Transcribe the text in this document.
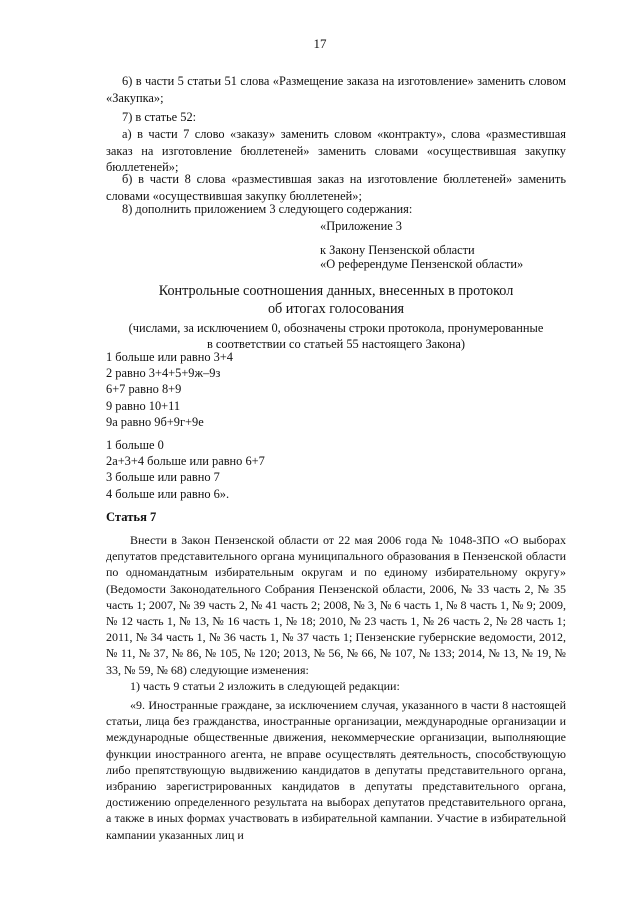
17
6) в части 5 статьи 51 слова «Размещение заказа на изготовление» заменить словом «Закупка»;
7) в статье 52:
а) в части 7 слово «заказу» заменить словом «контракту», слова «разместившая заказ на изготовление бюллетеней» заменить словами «осуществившая закупку бюллетеней»;
б) в части 8 слова «разместившая заказ на изготовление бюллетеней» заменить словами «осуществившая закупку бюллетеней»;
8) дополнить приложением 3 следующего содержания:
«Приложение 3
к Закону Пензенской области
«О референдуме Пензенской области»
Контрольные соотношения данных, внесенных в протокол
об итогах голосования
(числами, за исключением 0, обозначены строки протокола, пронумерованные
в соответствии со статьей 55 настоящего Закона)
1 больше или равно 3+4
2 равно 3+4+5+9ж–9з
6+7 равно 8+9
9 равно 10+11
9а равно 9б+9г+9е
1 больше 0
2а+3+4 больше или равно 6+7
3 больше или равно 7
4 больше или равно 6».
Статья 7
Внести в Закон Пензенской области от 22 мая 2006 года № 1048-ЗПО «О выборах депутатов представительного органа муниципального образования в Пензенской области по одномандатным избирательным округам и по единому избирательному округу» (Ведомости Законодательного Собрания Пензенской области, 2006, № 33 часть 2, № 35 часть 1; 2007, № 39 часть 2, № 41 часть 2; 2008, № 3, № 6 часть 1, № 8 часть 1, № 9; 2009, № 12 часть 1, № 13, № 16 часть 1, № 18; 2010, № 23 часть 1, № 26 часть 2, № 28 часть 1; 2011, № 34 часть 1, № 36 часть 1, № 37 часть 1; Пензенские губернские ведомости, 2012, № 11, № 37, № 86, № 105, № 120; 2013, № 56, № 66, № 107, № 133; 2014, № 13, № 19, № 33, № 59, № 68) следующие изменения:
1) часть 9 статьи 2 изложить в следующей редакции:
«9. Иностранные граждане, за исключением случая, указанного в части 8 настоящей статьи, лица без гражданства, иностранные организации, международные организации и международные общественные движения, некоммерческие организации, выполняющие функции иностранного агента, не вправе осуществлять деятельность, способствующую либо препятствующую выдвижению кандидатов в депутаты представительного органа, избранию зарегистрированных кандидатов в депутаты представительного органа, достижению определенного результата на выборах депутатов представительного органа, а также в иных формах участвовать в избирательной кампании. Участие в избирательной кампании указанных лиц и
